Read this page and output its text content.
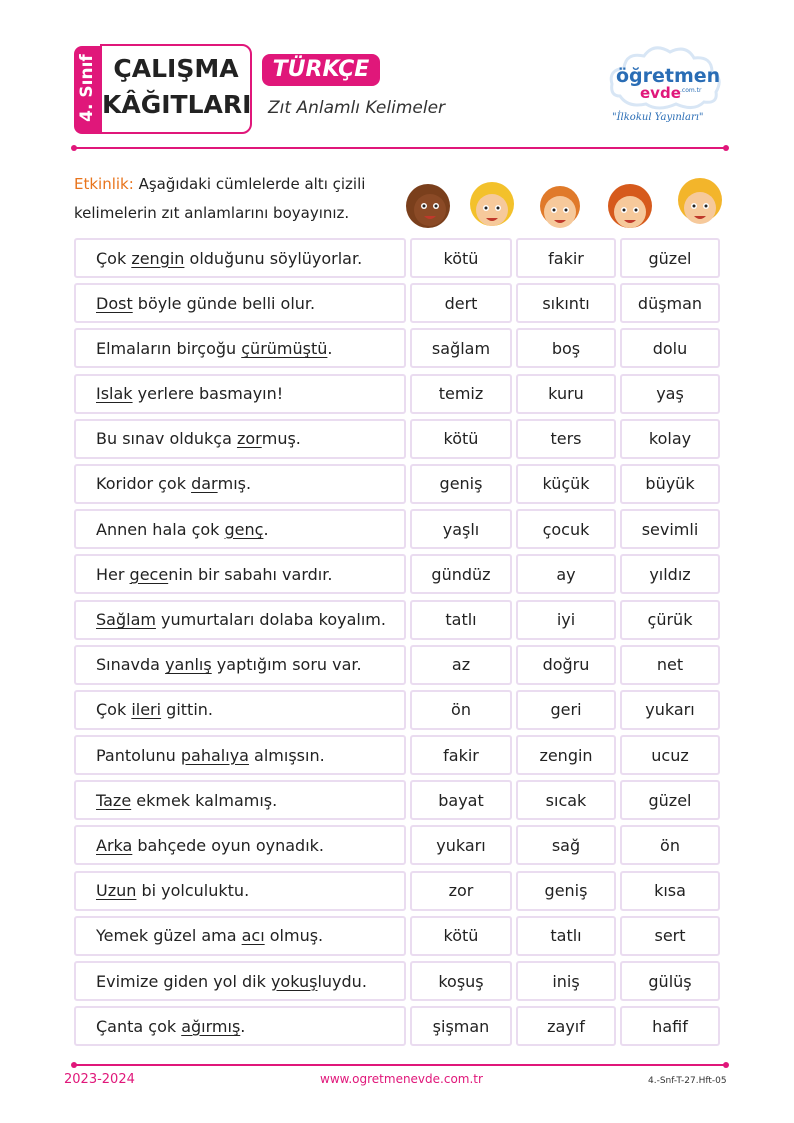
4. Sınıf ÇALIŞMA
KÂĞITLARI
TÜRKÇE
Zıt Anlamlı Kelimeler
öğretmen
evde .com.tr
"İlkokul Yayınları"
Etkinlik: Aşağıdaki cümlelerde altı çizili kelimelerin zıt anlamlarını boyayınız.
Çok zengin olduğunu söylüyorlar.	kötü	fakir	güzel
Dost böyle günde belli olur.	dert	sıkıntı	düşman
Elmaların birçoğu çürümüştü .	sağlam	boş	dolu
Islak yerlere basmayın!	temiz	kuru	yaş
Bu sınav oldukça zor muş.	kötü	ters	kolay
Koridor çok dar mış.	geniş	küçük	büyük
Annen hala çok genç .	yaşlı	çocuk	sevimli
Her gece nin bir sabahı vardır.	gündüz	ay	yıldız
Sağlam yumurtaları dolaba koyalım.	tatlı	iyi	çürük
Sınavda yanlış yaptığım soru var.	az	doğru	net
Çok ileri gittin.	ön	geri	yukarı
Pantolunu pahalıya almışsın.	fakir	zengin	ucuz
Taze ekmek kalmamış.	bayat	sıcak	güzel
Arka bahçede oyun oynadık.	yukarı	sağ	ön
Uzun bi yolculuktu.	zor	geniş	kısa
Yemek güzel ama acı olmuş.	kötü	tatlı	sert
Evimize giden yol dik yokuş luydu.	koşuş	iniş	gülüş
Çanta çok ağırmış .	şişman	zayıf	hafif
2023-2024	www.ogretmenevde.com.tr	4.-Snf-T-27.Hft-05
